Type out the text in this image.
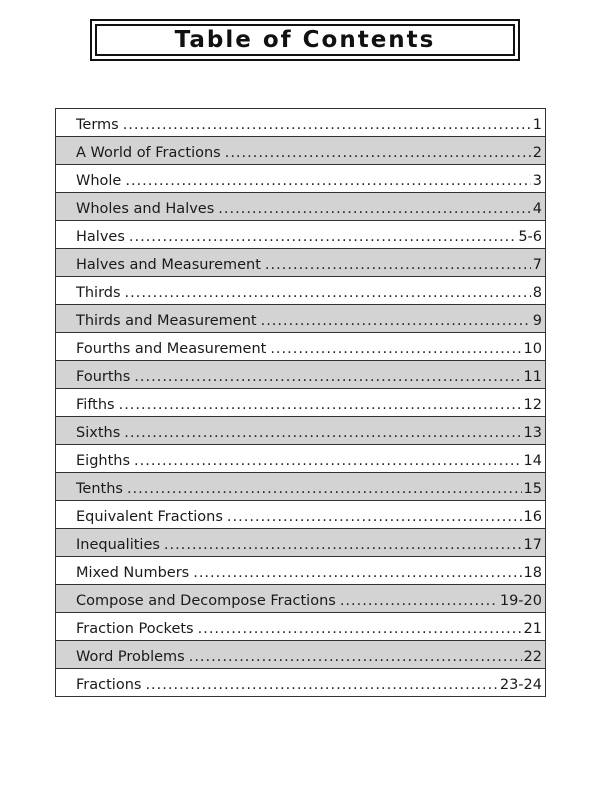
Table of Contents
Terms .....	1
A World of Fractions .....	2
Whole .....	3
Wholes and Halves .....	4
Halves .....	5-6
Halves and Measurement .....	7
Thirds .....	8
Thirds and Measurement .....	9
Fourths and Measurement .....	10
Fourths .....	11
Fifths .....	12
Sixths .....	13
Eighths .....	14
Tenths .....	15
Equivalent Fractions .....	16
Inequalities .....	17
Mixed Numbers .....	18
Compose and Decompose Fractions .....	19-20
Fraction Pockets .....	21
Word Problems .....	22
Fractions .....	23-24
